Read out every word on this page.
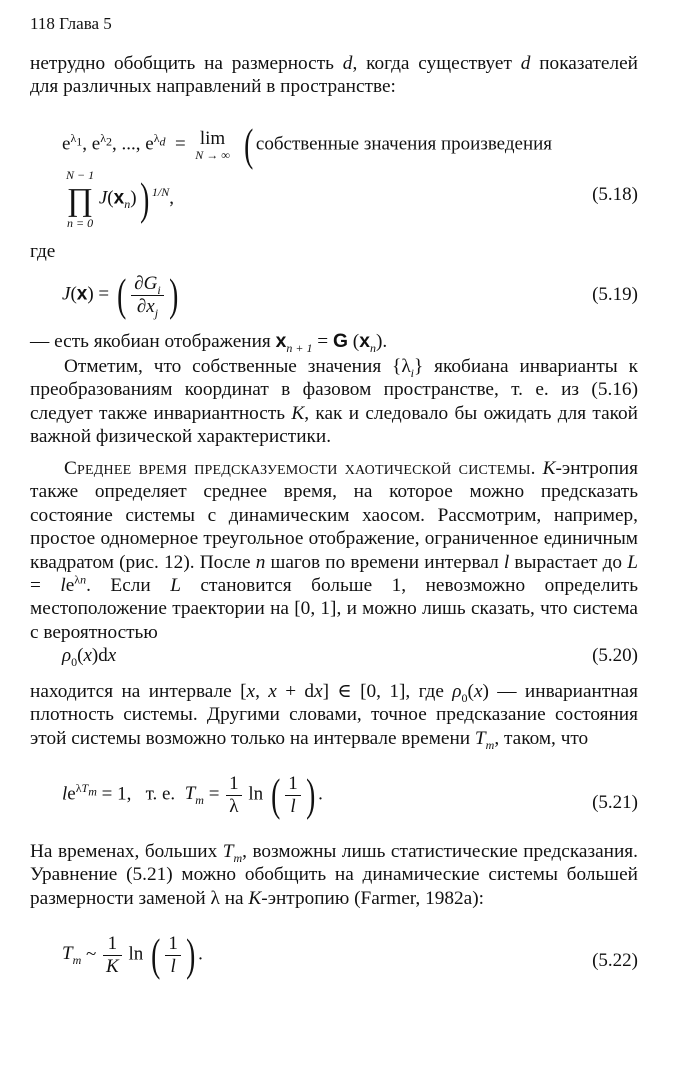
118 Глава 5
нетрудно обобщить на размерность d, когда существует d показателей для различных направлений в пространстве:
$e^{\lambda_1}$, $e^{\lambda_2}$, ..., $e^{\lambda_d} = \lim$
N → ∞ ( собственные значения произведения
N − 1
∏
n = 0 $J(x_n)$) $^{1/N}$,	(5.18)
где
J(x) = ( $\frac{\partial G_i}{\partial x_j}$ )	(5.19)
— есть якобиан отображения $x_{n + 1} = G$ $(x_n)$.
Отметим, что собственные значения $\{\lambda_i\}$ якобиана инварианты к преобразованиям координат в фазовом пространстве, т. е. из (5.16) следует также инвариантность K, как и следовало бы ожидать для такой важной физической характеристики.
Среднее время предсказуемости хаотической системы. K-энтропия также определяет среднее время, на которое можно предсказать состояние системы с динамическим хаосом. Рассмотрим, например, простое одномерное треугольное отображение, ограниченное единичным квадратом (рис. 12). После n шагов по времени интервал l вырастает до $L = le^{\lambda n}$. Если L становится больше 1, невозможно определить местоположение траектории на [0, 1], и можно лишь сказать, что система с вероятностью
$\rho_0(x)dx$	(5.20)
находится на интервале [x, x + dx] ∈ [0, 1], где $\rho_0(x)$ — инвариантная плотность системы. Другими словами, точное предсказание состояния этой системы возможно только на интервале времени $T_m$, таком, что
$le^{\lambda T_m} = 1$,   т. е. $T_m = \frac{1}{\lambda}$ ln ( $\frac{1}{l}$ ) .	(5.21)
На временах, больших $T_m$, возможны лишь статистические предсказания. Уравнение (5.21) можно обобщить на динамические системы большей размерности заменой λ на K-энтропию (Farmer, 1982a):
$T_m$ ~ $\frac{1}{K}$ ln ( $\frac{1}{l}$ ) .	(5.22)
